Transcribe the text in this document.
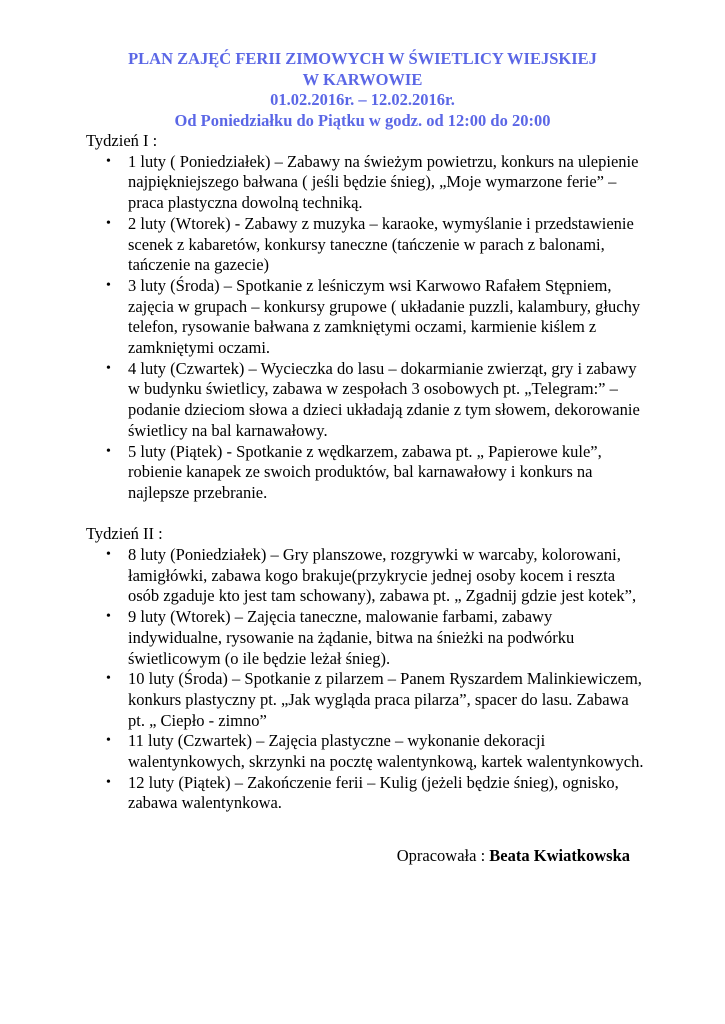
PLAN ZAJĘĆ FERII ZIMOWYCH W ŚWIETLICY WIEJSKIEJ
W KARWOWIE
01.02.2016r. – 12.02.2016r.
Od Poniedziałku do Piątku w godz. od 12:00 do 20:00

Tydzień I :

• 1 luty ( Poniedziałek) – Zabawy na świeżym powietrzu, konkurs na ulepienie najpiękniejszego bałwana ( jeśli będzie śnieg), „Moje wymarzone ferie” – praca plastyczna dowolną techniką.
• 2 luty (Wtorek) - Zabawy z muzyka – karaoke, wymyślanie i przedstawienie scenek z kabaretów, konkursy taneczne (tańczenie w parach z balonami, tańczenie na gazecie)
• 3 luty (Środa) – Spotkanie z leśniczym wsi Karwowo Rafałem Stępniem, zajęcia w grupach – konkursy grupowe ( układanie puzzli, kalambury, głuchy telefon, rysowanie bałwana z zamkniętymi oczami, karmienie kiślem z zamkniętymi oczami.
• 4 luty (Czwartek) – Wycieczka do lasu – dokarmianie zwierząt, gry i zabawy w budynku świetlicy, zabawa w zespołach 3 osobowych pt. „Telegram:” – podanie dzieciom słowa a dzieci układają zdanie z tym słowem, dekorowanie świetlicy na bal karnawałowy.
• 5 luty (Piątek) - Spotkanie z wędkarzem, zabawa pt. „ Papierowe kule”, robienie kanapek ze swoich produktów, bal karnawałowy i konkurs na najlepsze przebranie.

Tydzień II :

• 8 luty (Poniedziałek) – Gry planszowe, rozgrywki w warcaby, kolorowani, łamigłówki, zabawa kogo brakuje(przykrycie jednej osoby kocem i reszta osób zgaduje kto jest tam schowany), zabawa pt. „ Zgadnij gdzie jest kotek”,
• 9 luty (Wtorek) – Zajęcia taneczne, malowanie farbami, zabawy indywidualne, rysowanie na żądanie, bitwa na śnieżki na podwórku świetlicowym (o ile będzie leżał śnieg).
• 10 luty (Środa) – Spotkanie z pilarzem – Panem Ryszardem Malinkiewiczem, konkurs plastyczny pt. „Jak wygląda praca pilarza”, spacer do lasu. Zabawa pt. „ Ciepło - zimno”
• 11 luty (Czwartek) – Zajęcia plastyczne – wykonanie dekoracji walentynkowych, skrzynki na pocztę walentynkową, kartek walentynkowych.
• 12 luty (Piątek) – Zakończenie ferii – Kulig (jeżeli będzie śnieg), ognisko, zabawa walentynkowa.
Opracowała : Beata Kwiatkowska
